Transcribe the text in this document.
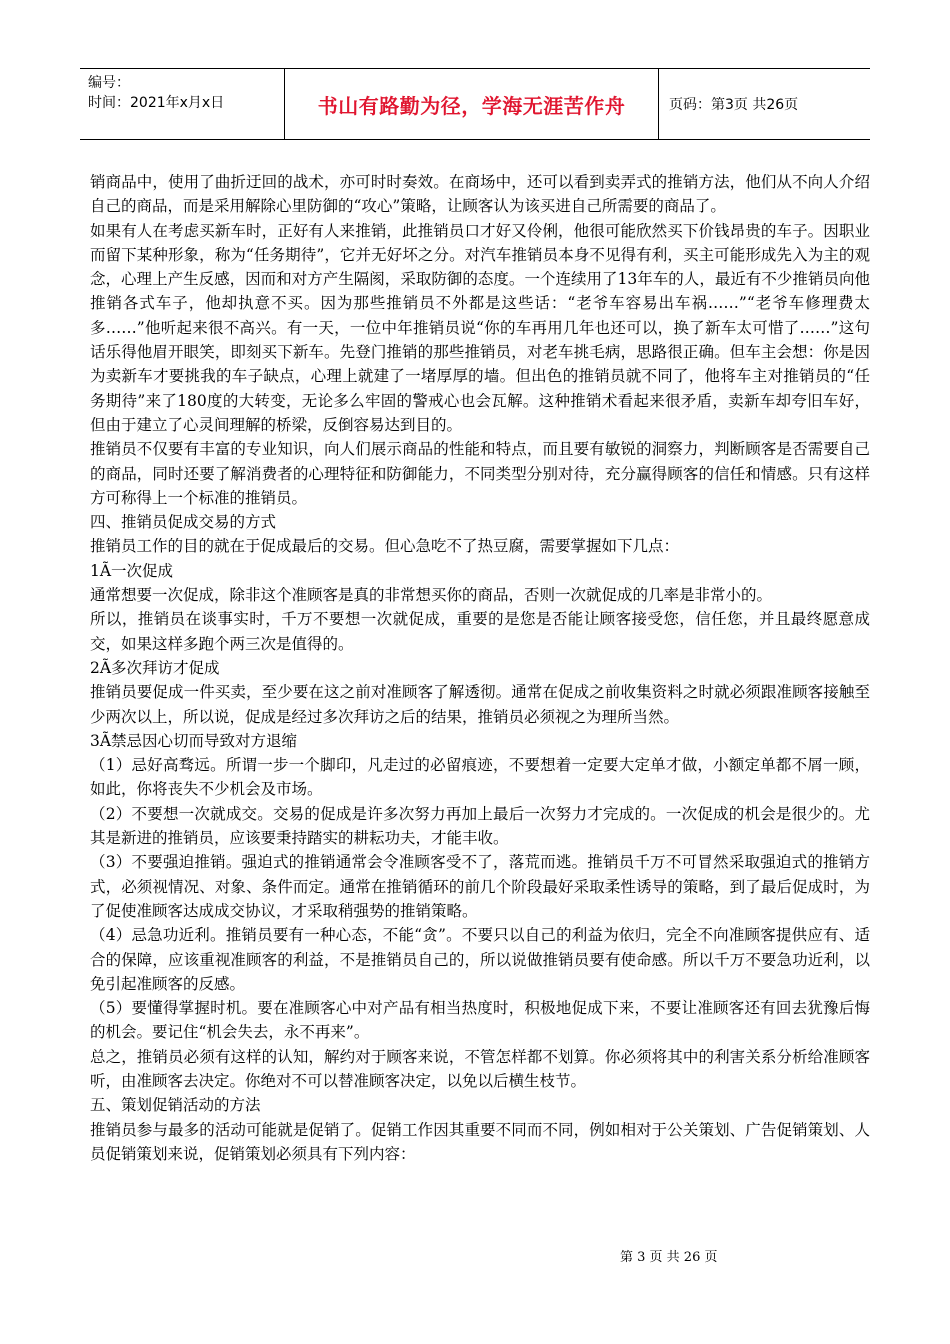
编号：
时间：2021年x月x日	书山有路勤为径，学海无涯苦作舟	页码：第3页 共26页

销商品中，使用了曲折迂回的战术，亦可时时奏效。在商场中，还可以看到卖弄式的推销方法，他们从不向人介绍自己的商品，而是采用解除心里防御的“攻心”策略，让顾客认为该买进自己所需要的商品了。

如果有人在考虑买新车时，正好有人来推销，此推销员口才好又伶俐，他很可能欣然买下价钱昂贵的车子。因职业而留下某种形象，称为“任务期待”，它并无好坏之分。对汽车推销员本身不见得有利，买主可能形成先入为主的观念，心理上产生反感，因而和对方产生隔阂，采取防御的态度。一个连续用了13年车的人，最近有不少推销员向他推销各式车子，他却执意不买。因为那些推销员不外都是这些话：“老爷车容易出车祸……”“老爷车修理费太多……”他听起来很不高兴。有一天，一位中年推销员说“你的车再用几年也还可以，换了新车太可惜了……”这句话乐得他眉开眼笑，即刻买下新车。先登门推销的那些推销员，对老车挑毛病，思路很正确。但车主会想：你是因为卖新车才要挑我的车子缺点，心理上就建了一堵厚厚的墙。但出色的推销员就不同了，他将车主对推销员的“任务期待”来了180度的大转变，无论多么牢固的警戒心也会瓦解。这种推销术看起来很矛盾，卖新车却夸旧车好，但由于建立了心灵间理解的桥梁，反倒容易达到目的。

推销员不仅要有丰富的专业知识，向人们展示商品的性能和特点，而且要有敏锐的洞察力，判断顾客是否需要自己的商品，同时还要了解消费者的心理特征和防御能力，不同类型分别对待，充分赢得顾客的信任和情感。只有这样方可称得上一个标准的推销员。

四、推销员促成交易的方式

推销员工作的目的就在于促成最后的交易。但心急吃不了热豆腐，需要掌握如下几点：

1Ã一次促成

通常想要一次促成，除非这个准顾客是真的非常想买你的商品，否则一次就促成的几率是非常小的。

所以，推销员在谈事实时，千万不要想一次就促成，重要的是您是否能让顾客接受您，信任您，并且最终愿意成交，如果这样多跑个两三次是值得的。

2Ã多次拜访才促成

推销员要促成一件买卖，至少要在这之前对准顾客了解透彻。通常在促成之前收集资料之时就必须跟准顾客接触至少两次以上，所以说，促成是经过多次拜访之后的结果，推销员必须视之为理所当然。

3Ã禁忌因心切而导致对方退缩

（1）忌好高骛远。所谓一步一个脚印，凡走过的必留痕迹，不要想着一定要大定单才做，小额定单都不屑一顾，如此，你将丧失不少机会及市场。

（2）不要想一次就成交。交易的促成是许多次努力再加上最后一次努力才完成的。一次促成的机会是很少的。尤其是新进的推销员，应该要秉持踏实的耕耘功夫，才能丰收。

（3）不要强迫推销。强迫式的推销通常会令准顾客受不了，落荒而逃。推销员千万不可冒然采取强迫式的推销方式，必须视情况、对象、条件而定。通常在推销循环的前几个阶段最好采取柔性诱导的策略，到了最后促成时，为了促使准顾客达成成交协议，才采取稍强势的推销策略。

（4）忌急功近利。推销员要有一种心态，不能“贪”。不要只以自己的利益为依归，完全不向准顾客提供应有、适合的保障，应该重视准顾客的利益，不是推销员自己的，所以说做推销员要有使命感。所以千万不要急功近利，以免引起准顾客的反感。

（5）要懂得掌握时机。要在准顾客心中对产品有相当热度时，积极地促成下来，不要让准顾客还有回去犹豫后悔的机会。要记住“机会失去，永不再来”。

总之，推销员必须有这样的认知，解约对于顾客来说，不管怎样都不划算。你必须将其中的利害关系分析给准顾客听，由准顾客去决定。你绝对不可以替准顾客决定，以免以后横生枝节。

五、策划促销活动的方法

推销员参与最多的活动可能就是促销了。促销工作因其重要不同而不同，例如相对于公关策划、广告促销策划、人员促销策划来说，促销策划必须具有下列内容：

第 3 页 共 26 页
